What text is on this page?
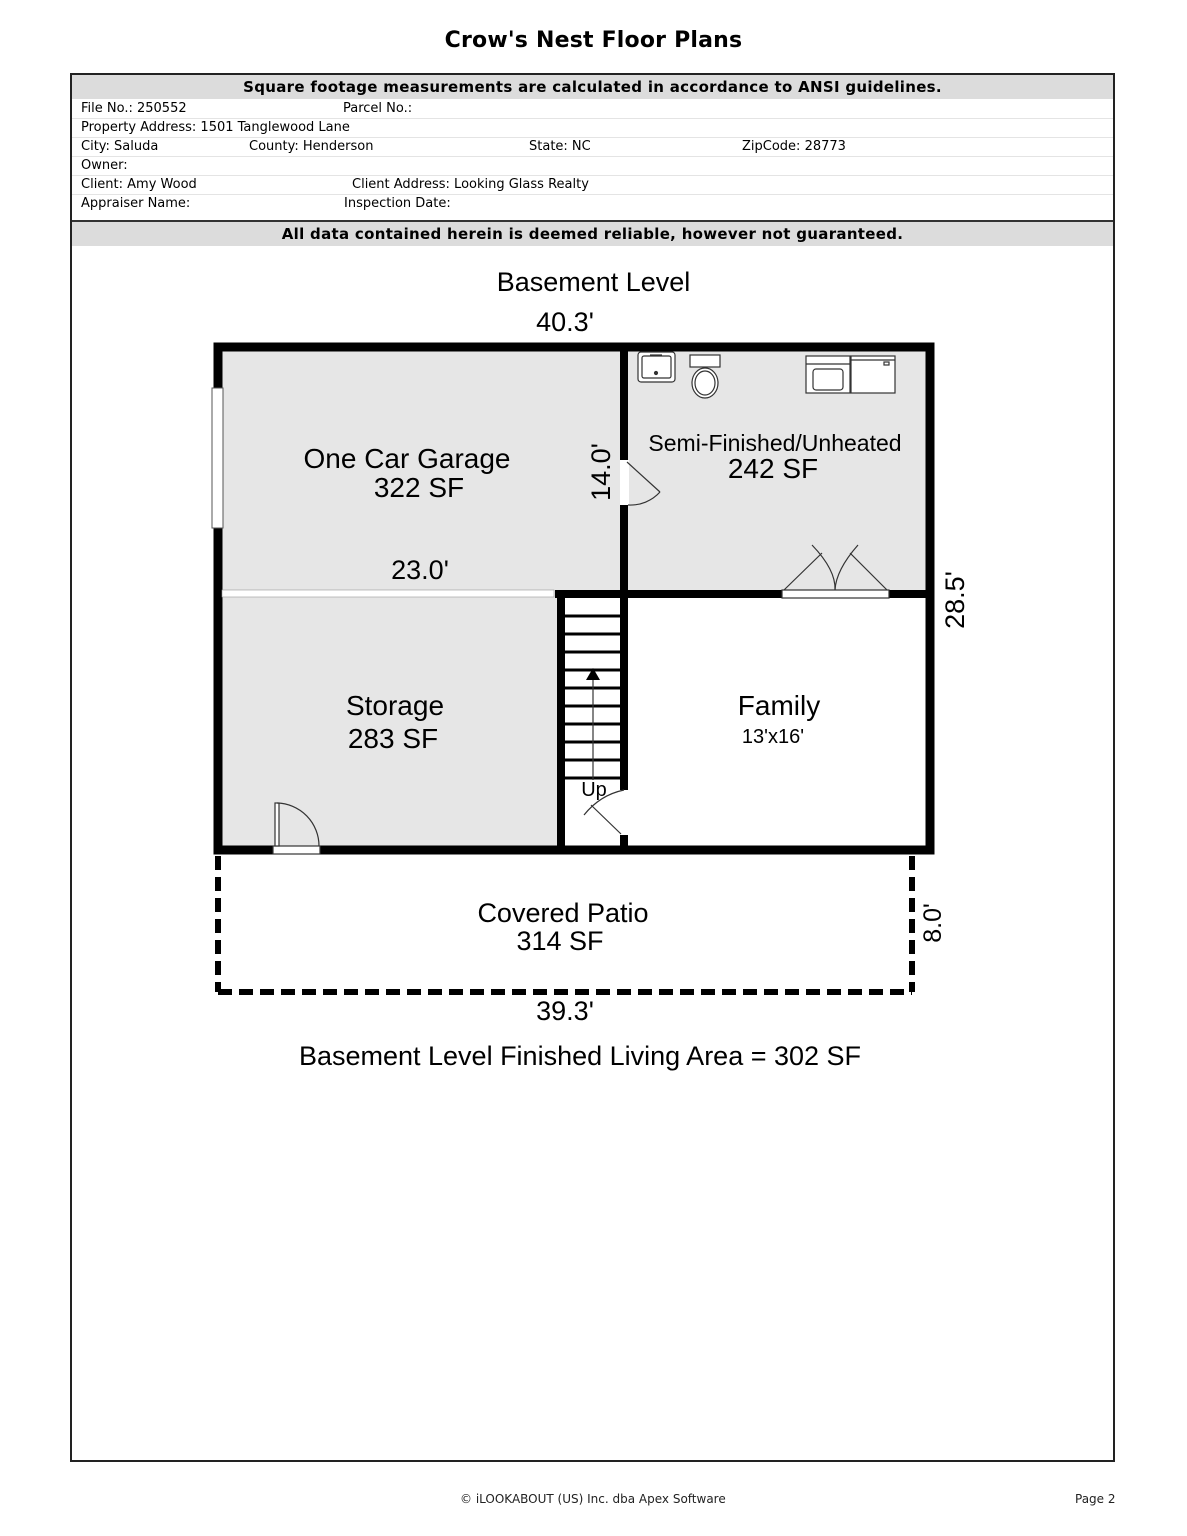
Crow's Nest Floor Plans
Square footage measurements are calculated in accordance to ANSI guidelines.
File No.: 250552	Parcel No.:
Property Address: 1501 Tanglewood Lane
City: Saluda	County: Henderson	State: NC	ZipCode: 28773
Owner:
Client: Amy Wood	Client Address: Looking Glass Realty
Appraiser Name:	Inspection Date:
All data contained herein is deemed reliable, however not guaranteed.
Basement Level
40.3'
23.0'
14.0'
28.5'
8.0'
39.3'
One Car Garage
322 SF
Semi-Finished/Unheated
242 SF
Storage
283 SF
Family
13'x16'
Covered Patio
314 SF
Up
Basement Level Finished Living Area = 302 SF
© iLOOKABOUT (US) Inc. dba Apex Software	Page 2
